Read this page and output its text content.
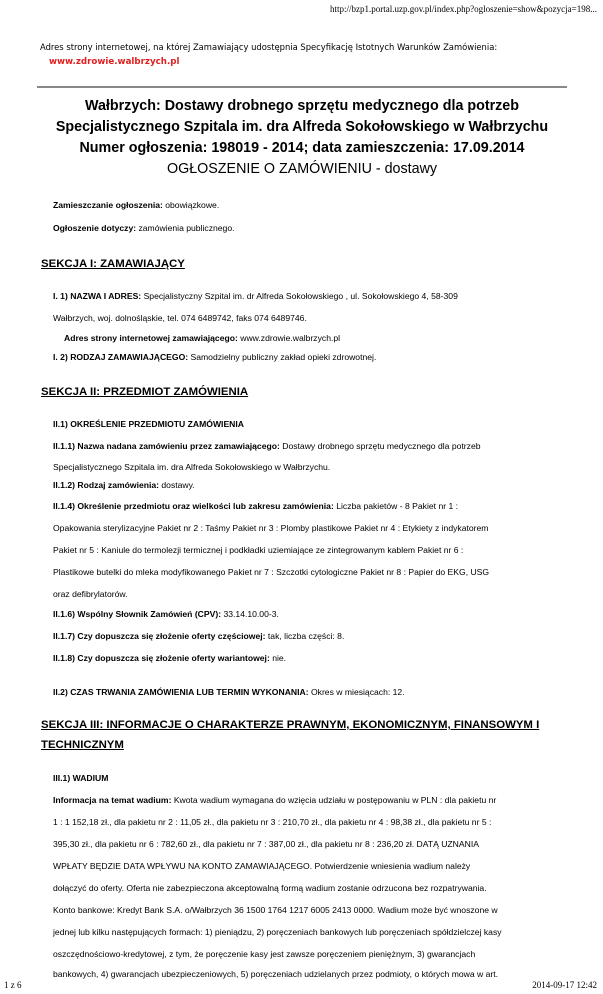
http://bzp1.portal.uzp.gov.pl/index.php?ogloszenie=show&pozycja=198...
Adres strony internetowej, na której Zamawiający udostępnia Specyfikację Istotnych Warunków Zamówienia:
www.zdrowie.walbrzych.pl
Wałbrzych: Dostawy drobnego sprzętu medycznego dla potrzeb
Specjalistycznego Szpitala im. dra Alfreda Sokołowskiego w Wałbrzychu
Numer ogłoszenia: 198019 - 2014; data zamieszczenia: 17.09.2014
OGŁOSZENIE O ZAMÓWIENIU - dostawy
Zamieszczanie ogłoszenia: obowiązkowe.
Ogłoszenie dotyczy: zamówienia publicznego.
SEKCJA I: ZAMAWIAJĄCY
I. 1) NAZWA I ADRES: Specjalistyczny Szpital im. dr Alfreda Sokołowskiego , ul. Sokołowskiego 4, 58-309
Wałbrzych, woj. dolnośląskie, tel. 074 6489742, faks 074 6489746.
Adres strony internetowej zamawiającego: www.zdrowie.walbrzych.pl
I. 2) RODZAJ ZAMAWIAJĄCEGO: Samodzielny publiczny zakład opieki zdrowotnej.
SEKCJA II: PRZEDMIOT ZAMÓWIENIA
II.1) OKREŚLENIE PRZEDMIOTU ZAMÓWIENIA
II.1.1) Nazwa nadana zamówieniu przez zamawiającego: Dostawy drobnego sprzętu medycznego dla potrzeb
Specjalistycznego Szpitala im. dra Alfreda Sokołowskiego w Wałbrzychu.
II.1.2) Rodzaj zamówienia: dostawy.
II.1.4) Określenie przedmiotu oraz wielkości lub zakresu zamówienia: Liczba pakietów - 8 Pakiet nr 1 :
Opakowania sterylizacyjne Pakiet nr 2 : Taśmy Pakiet nr 3 : Plomby plastikowe Pakiet nr 4 : Etykiety z indykatorem
Pakiet nr 5 : Kaniule do termolezji termicznej i podkładki uziemiające ze zintegrowanym kablem Pakiet nr 6 :
Plastikowe butelki do mleka modyfikowanego Pakiet nr 7 : Szczotki cytologiczne Pakiet nr 8 : Papier do EKG, USG
oraz defibrylatorów.
II.1.6) Wspólny Słownik Zamówień (CPV): 33.14.10.00-3.
II.1.7) Czy dopuszcza się złożenie oferty częściowej: tak, liczba części: 8.
II.1.8) Czy dopuszcza się złożenie oferty wariantowej: nie.
II.2) CZAS TRWANIA ZAMÓWIENIA LUB TERMIN WYKONANIA: Okres w miesiącach: 12.
SEKCJA III: INFORMACJE O CHARAKTERZE PRAWNYM, EKONOMICZNYM, FINANSOWYM I
TECHNICZNYM
III.1) WADIUM
Informacja na temat wadium: Kwota wadium wymagana do wzięcia udziału w postępowaniu w PLN : dla pakietu nr
1 : 1 152,18 zł., dla pakietu nr 2 : 11,05 zł., dla pakietu nr 3 : 210,70 zł., dla pakietu nr 4 : 98,38 zł., dla pakietu nr 5 :
395,30 zł., dla pakietu nr 6 : 782,60 zł., dla pakietu nr 7 : 387,00 zł., dla pakietu nr 8 : 236,20 zł. DATĄ UZNANIA
WPŁATY BĘDZIE DATA WPŁYWU NA KONTO ZAMAWIAJĄCEGO. Potwierdzenie wniesienia wadium należy
dołączyć do oferty. Oferta nie zabezpieczona akceptowalną formą wadium zostanie odrzucona bez rozpatrywania.
Konto bankowe: Kredyt Bank S.A. o/Wałbrzych 36 1500 1764 1217 6005 2413 0000. Wadium może być wnoszone w
jednej lub kilku następujących formach: 1) pieniądzu, 2) poręczeniach bankowych lub poręczeniach spółdzielczej kasy
oszczędnościowo-kredytowej, z tym, że poręczenie kasy jest zawsze poręczeniem pieniężnym, 3) gwarancjach
bankowych, 4) gwarancjach ubezpieczeniowych, 5) poręczeniach udzielanych przez podmioty, o których mowa w art.
1 z 6	2014-09-17 12:42
